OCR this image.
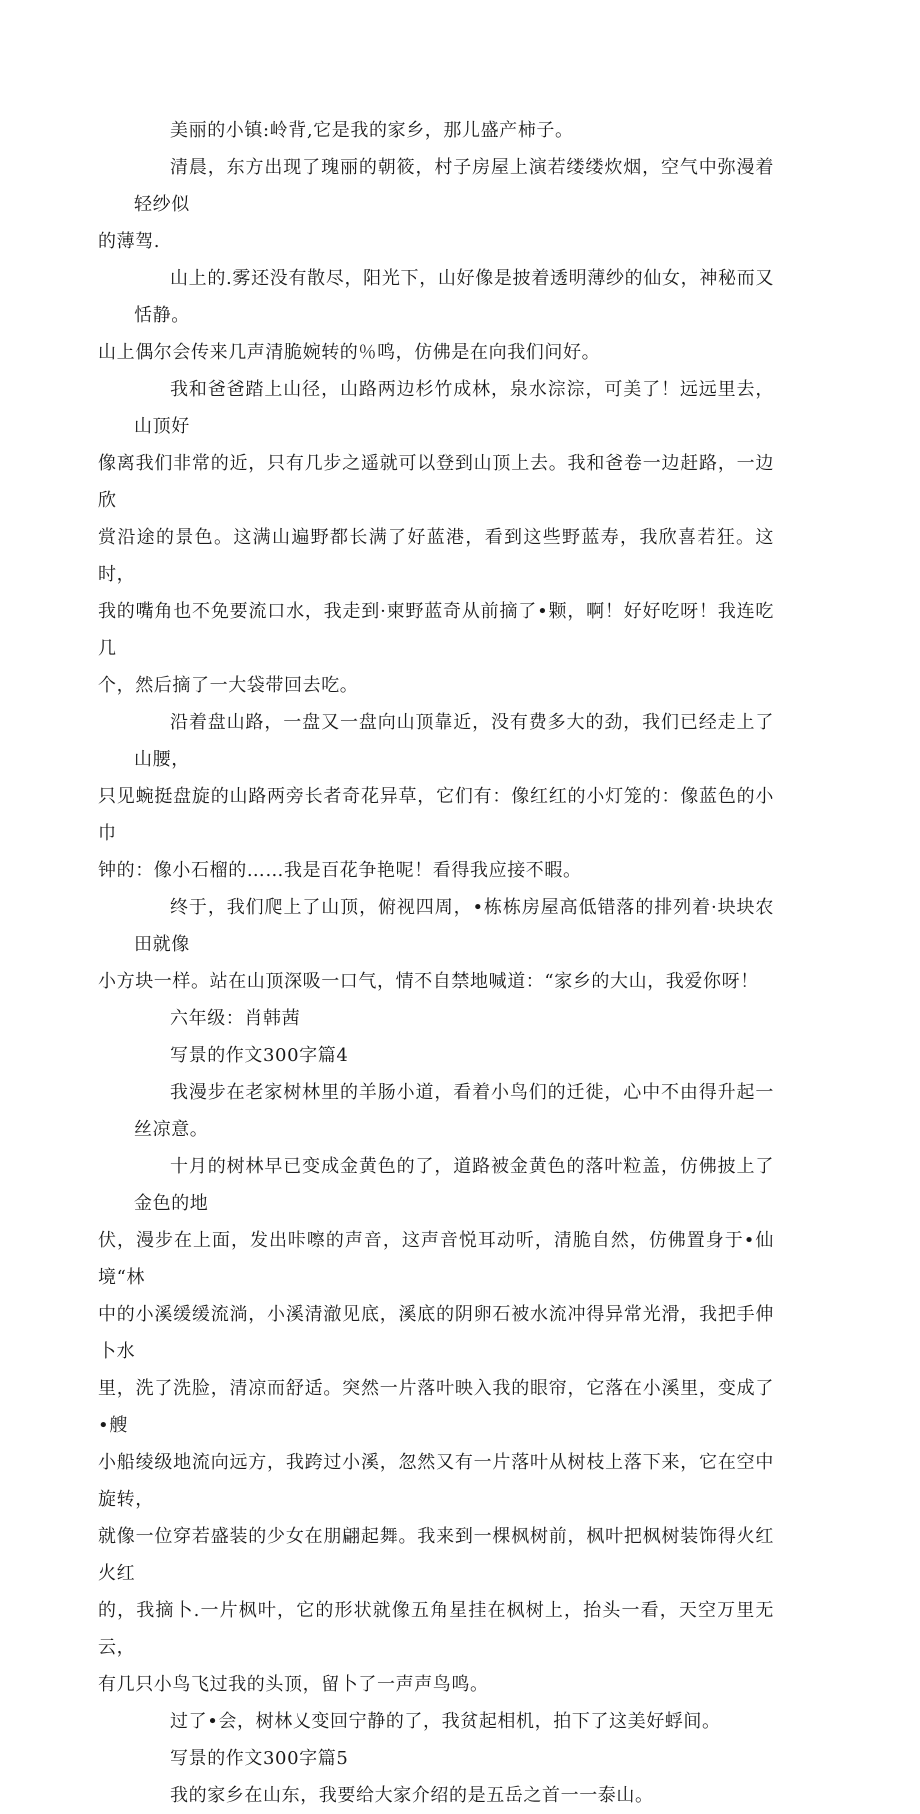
美丽的小镇:岭背,它是我的家乡，那儿盛产柿子。

清晨，东方出现了瑰丽的朝筱，村子房屋上演若缕缕炊烟，空气中弥漫着轻纱似
的薄驾.

山上的.雾还没有散尽，阳光下，山好像是披着透明薄纱的仙女，神秘而又恬静。
山上偶尔会传来几声清脆婉转的％鸣，仿佛是在向我们问好。

我和爸爸踏上山径，山路两边杉竹成林，泉水淙淙，可美了！远远里去，山顶好
像离我们非常的近，只有几步之遥就可以登到山顶上去。我和爸卷一边赶路，一边欣
赏沿途的景色。这满山遍野都长满了好蓝港，看到这些野蓝寿，我欣喜若狂。这时，
我的嘴角也不免要流口水，我走到·柬野蓝奇从前摘了•颗，啊！好好吃呀！我连吃几
个，然后摘了一大袋带回去吃。

沿着盘山路，一盘又一盘向山顶靠近，没有费多大的劲，我们已经走上了山腰，
只见蜿挺盘旋的山路两旁长者奇花异草，它们有：像红红的小灯笼的：像蓝色的小巾
钟的：像小石榴的……我是百花争艳呢！看得我应接不暇。

终于，我们爬上了山顶，俯视四周，•栋栋房屋高低错落的排列着·块块农田就像
小方块一样。站在山顶深吸一口气，情不自禁地喊道：“家乡的大山，我爱你呀！

六年级：肖韩茜

写景的作文300字篇4

我漫步在老家树林里的羊肠小道，看着小鸟们的迁徙，心中不由得升起一丝凉意。

十月的树林早已变成金黄色的了，道路被金黄色的落叶粒盖，仿佛披上了金色的地
伏，漫步在上面，发出咔嚓的声音，这声音悦耳动听，清脆自然，仿佛置身于•仙境“林
中的小溪缓缓流淌，小溪清澈见底，溪底的阴卵石被水流冲得异常光滑，我把手伸卜水
里，洗了洗脸，清凉而舒适。突然一片落叶映入我的眼帘，它落在小溪里，变成了•艘
小船绫级地流向远方，我跨过小溪，忽然又有一片落叶从树枝上落下来，它在空中旋转，
就像一位穿若盛装的少女在朋翩起舞。我来到一棵枫树前，枫叶把枫树装饰得火红火红
的，我摘卜.一片枫叶，它的形状就像五角星挂在枫树上，抬头一看，天空万里无云，
有几只小鸟飞过我的头顶，留卜了一声声鸟鸣。

过了•会，树林乂变回宁静的了，我贫起相机，拍下了这美好蜉间。

写景的作文300字篇5

我的家乡在山东，我要给大家介绍的是五岳之首一一泰山。
